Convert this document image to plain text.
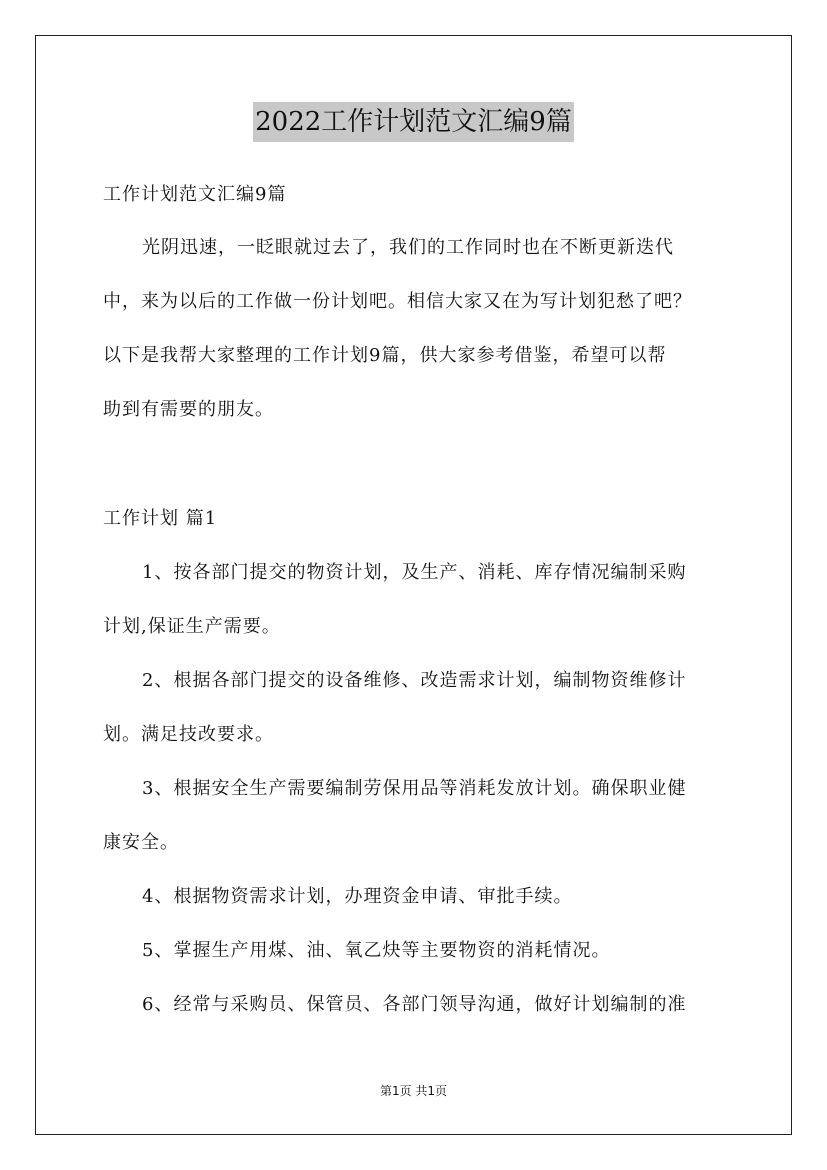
2022工作计划范文汇编9篇
工作计划范文汇编9篇
光阴迅速，一眨眼就过去了，我们的工作同时也在不断更新迭代
中，来为以后的工作做一份计划吧。相信大家又在为写计划犯愁了吧？
以下是我帮大家整理的工作计划9篇，供大家参考借鉴，希望可以帮
助到有需要的朋友。
工作计划 篇1
1、按各部门提交的物资计划，及生产、消耗、库存情况编制采购
计划,保证生产需要。
2、根据各部门提交的设备维修、改造需求计划，编制物资维修计
划。满足技改要求。
3、根据安全生产需要编制劳保用品等消耗发放计划。确保职业健
康安全。
4、根据物资需求计划，办理资金申请、审批手续。
5、掌握生产用煤、油、氧乙炔等主要物资的消耗情况。
6、经常与采购员、保管员、各部门领导沟通，做好计划编制的准
第1页 共1页
